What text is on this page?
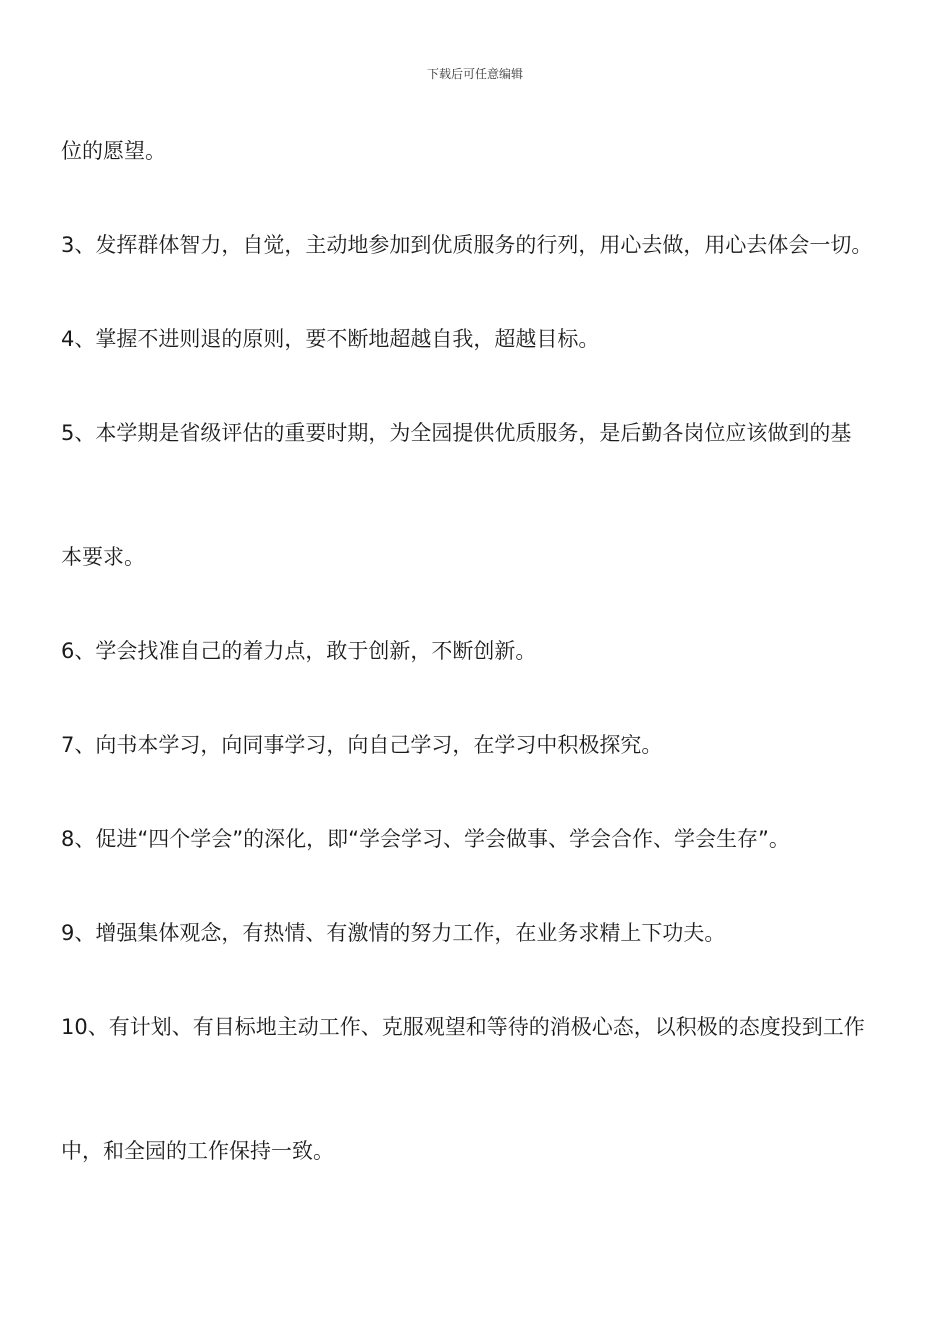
下载后可任意编辑
位的愿望。
3、发挥群体智力，自觉，主动地参加到优质服务的行列，用心去做，用心去体会一切。
4、掌握不进则退的原则，要不断地超越自我，超越目标。
5、本学期是省级评估的重要时期，为全园提供优质服务，是后勤各岗位应该做到的基
本要求。
6、学会找准自己的着力点，敢于创新，不断创新。
7、向书本学习，向同事学习，向自己学习，在学习中积极探究。
8、促进“四个学会”的深化，即“学会学习、学会做事、学会合作、学会生存”。
9、增强集体观念，有热情、有激情的努力工作，在业务求精上下功夫。
10、有计划、有目标地主动工作、克服观望和等待的消极心态，以积极的态度投到工作
中，和全园的工作保持一致。
